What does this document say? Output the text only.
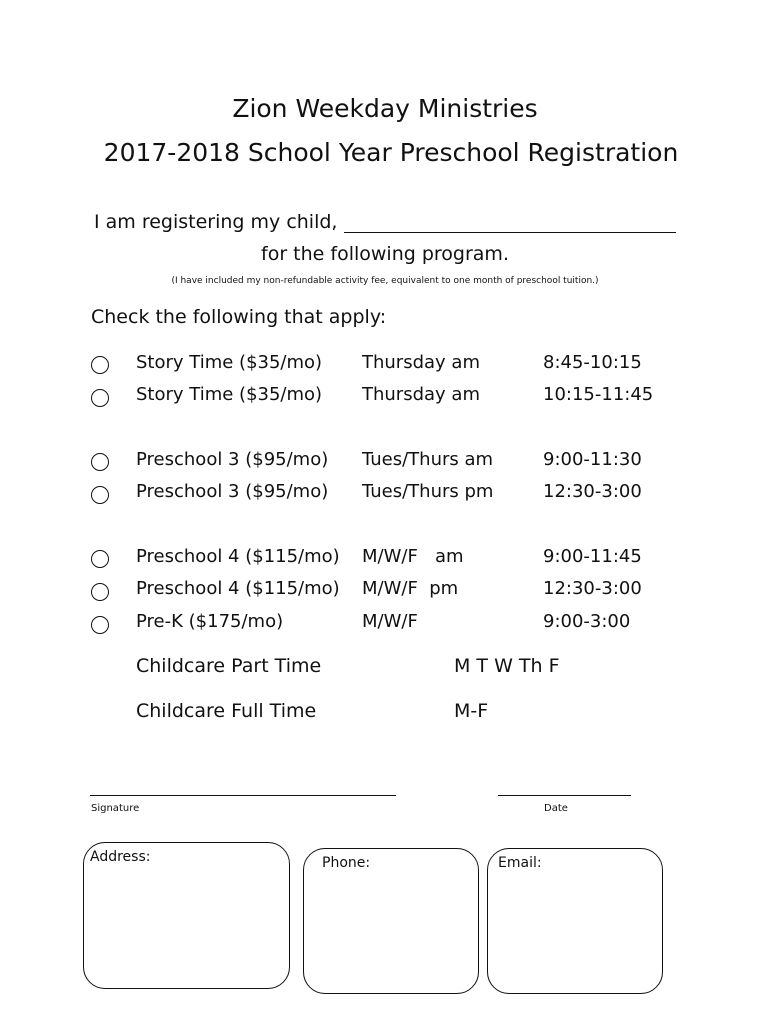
Zion Weekday Ministries
2017-2018 School Year Preschool Registration
I am registering my child,
for the following program.
(I have included my non-refundable activity fee, equivalent to one month of preschool tuition.)
Check the following that apply:
Story Time ($35/mo) Thursday am	8:45-10:15
Story Time ($35/mo) Thursday am	10:15-11:45
Preschool 3 ($95/mo) Tues/Thurs am	9:00-11:30
Preschool 3 ($95/mo) Tues/Thurs pm	12:30-3:00
Preschool 4 ($115/mo) M/W/F   am	9:00-11:45
Preschool 4 ($115/mo) M/W/F  pm	12:30-3:00
Pre-K ($175/mo)	M/W/F	9:00-3:00
Childcare Part Time	M T W Th F
Childcare Full Time	M-F
Signature	Date
Address:	Phone:	Email:
